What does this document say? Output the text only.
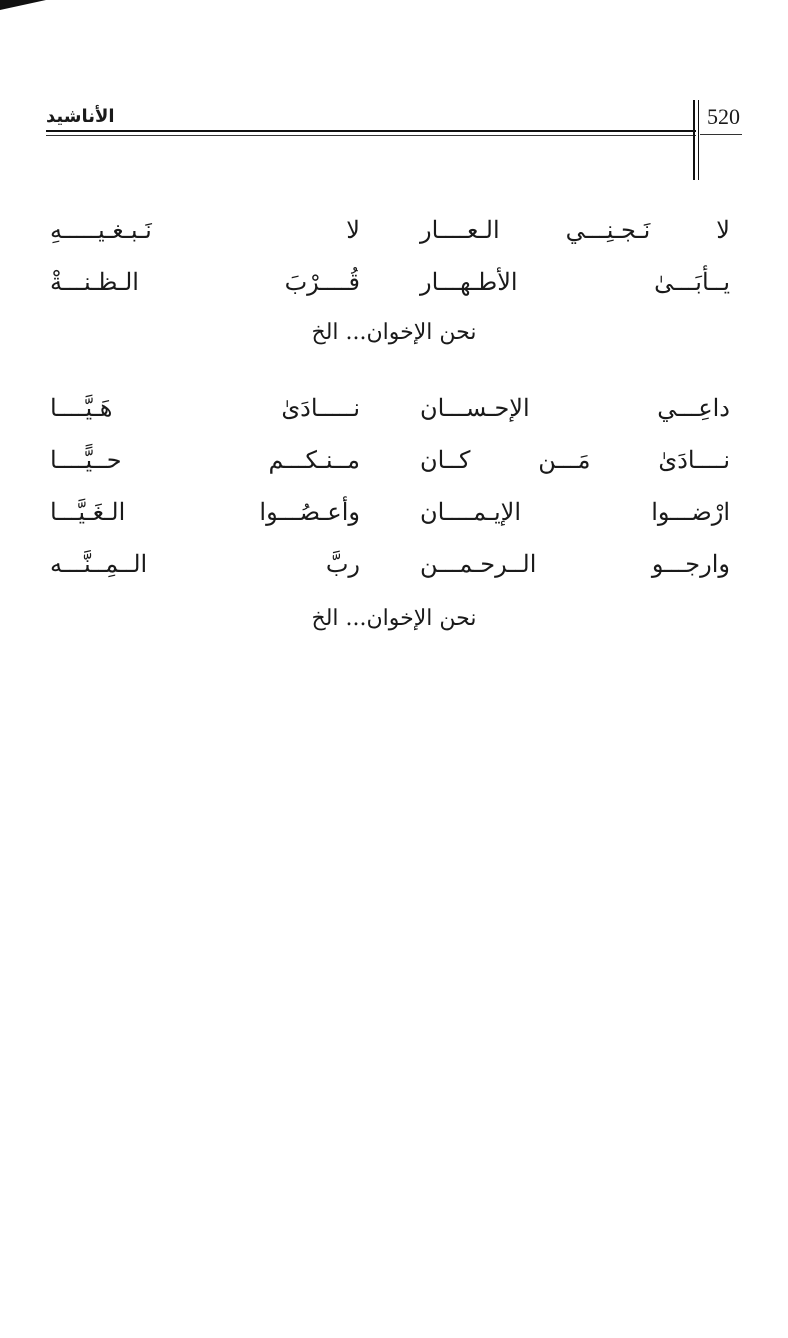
الأناشيد	520
لا نَـجـنِـــي الـعــــار
لا نَـبـغـيـــــهِ
يــأبَـــىٰ الأطـهـــار
قُــــرْبَ الـظـنـــةْ
نحن الإخوان... الخ
داعِـــي الإحـســـان
نـــــادَىٰ هَـيَّــــا
نــــادَىٰ مَـــن كــان
مــنـكـــم حــيًّــــا
ارْضـــوا الإيـمــــان
وأعـصُـــوا الـغَـيَّـــا
وارجـــو الــرحـمـــن
ربَّ الــمِــنَّـــه
نحن الإخوان... الخ
